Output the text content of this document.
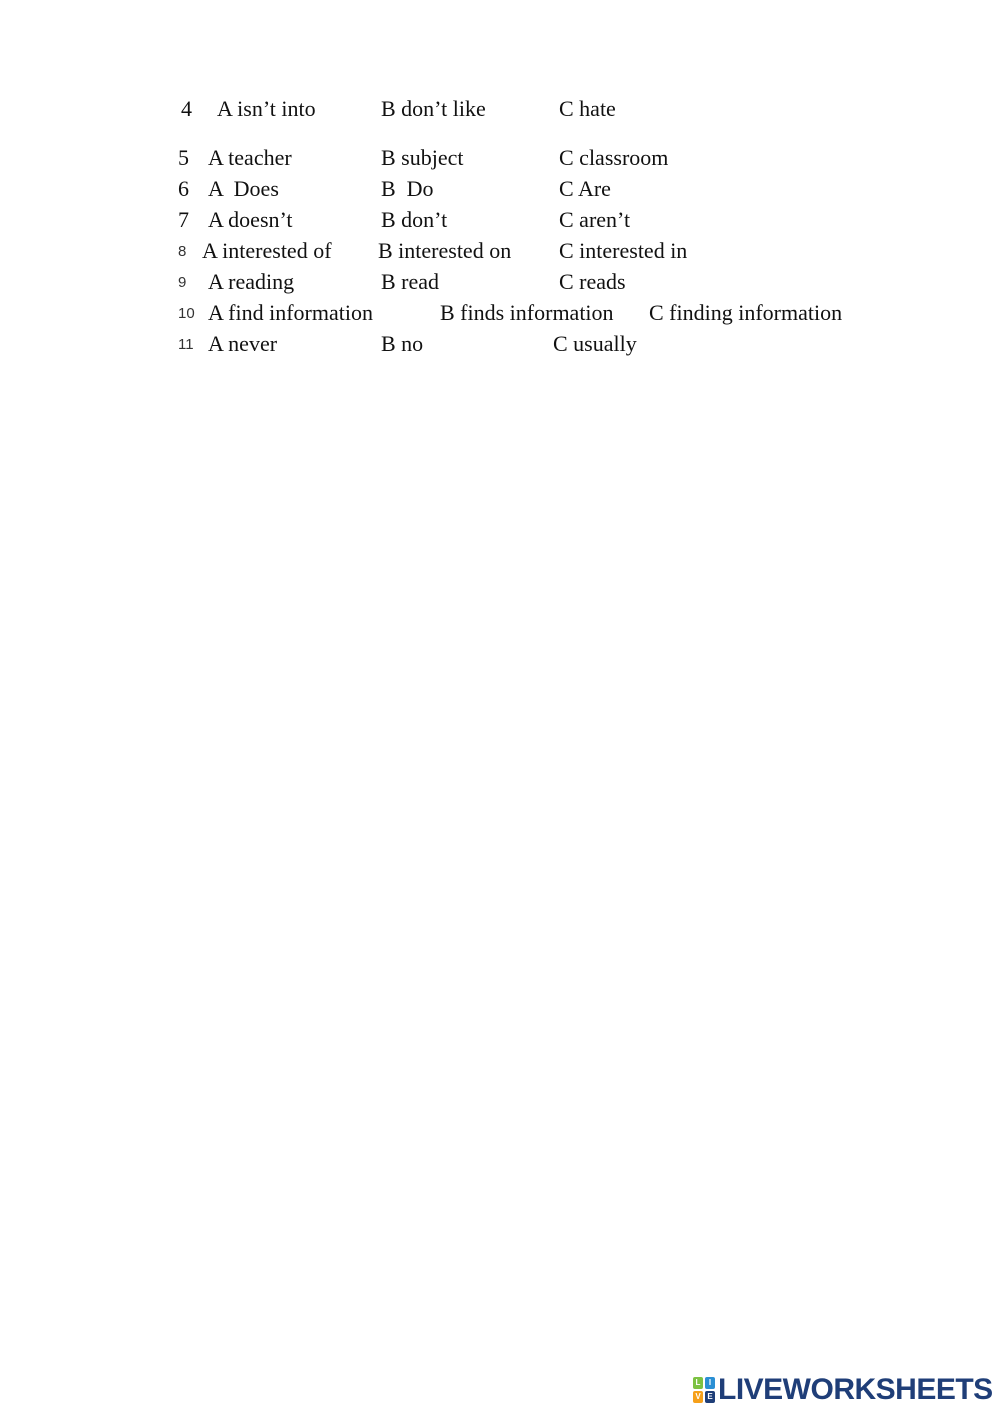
4 A isn’t into	B don’t like	C hate
5 A teacher	B subject	C classroom
6 A  Does	B  Do	C Are
7 A doesn’t	B don’t	C aren’t
8 A interested of B interested on C interested in
9 A reading	B read	C reads
10 A find information	B finds information C finding information
11 A never	B no	C usually
L	I
V E LIVEWORKSHEETS
